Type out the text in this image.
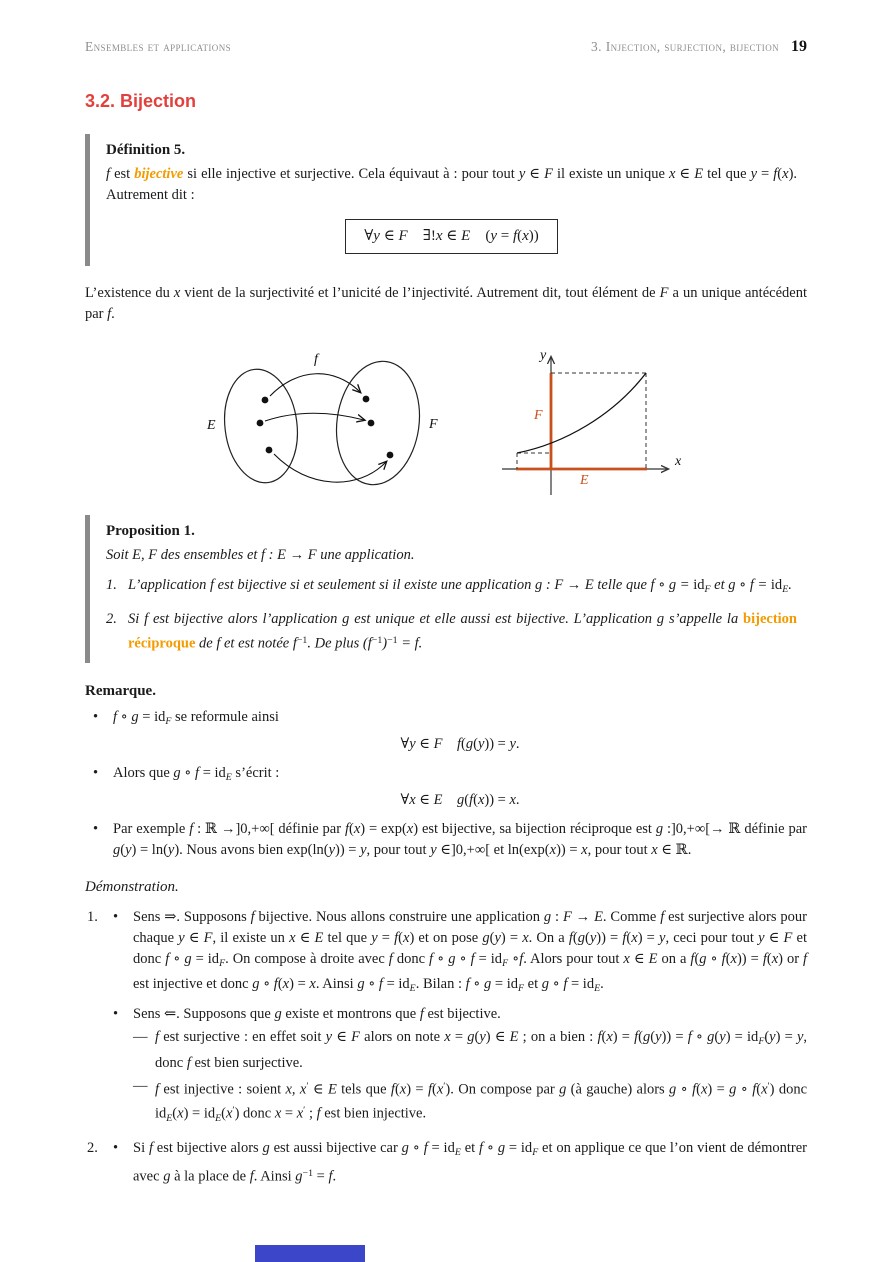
Ensembles et applications	3. Injection, surjection, bijection 19
3.2. Bijection
Définition 5.
f est bijective si elle injective et surjective. Cela équivaut à : pour tout y ∈ F il existe un unique x ∈ E tel que y = f(x). Autrement dit :
∀y ∈ F ∃!x ∈ E (y = f(x))
L’existence du x vient de la surjectivité et l’unicité de l’injectivité. Autrement dit, tout élément de F a un unique antécédent par f.
f
E	F
y
x
F
E
Proposition 1.
Soit E, F des ensembles et f : E → F une application.
1. L’application f est bijective si et seulement si il existe une application g : F → E telle que f ∘ $g = id_F$ et g ∘ $f = id_E$.
2. Si f est bijective alors l’application g est unique et elle aussi est bijective. L’application g s’appelle la bijection réciproque de f et est notée $f^{-1}$. De plus $(f^{-1})^{-1} = f$.
Remarque.
•	f ∘ $g = id_F$ se reformule ainsi
∀y ∈ F  f(g(y)) = y.
•	Alors que g ∘ $f = id_E$ s’écrit :
∀x ∈ E  g(f(x)) = x.
•	Par exemple f : ℝ →]0,+∞[ définie par f(x) = exp(x) est bijective, sa bijection réciproque est g :]0,+∞[→ ℝ définie par g(y) = ln(y). Nous avons bien exp(ln(y)) = y, pour tout y ∈]0,+∞[ et ln(exp(x)) = x, pour tout x ∈ ℝ.
Démonstration.
1.	•	Sens ⇒. Supposons f bijective. Nous allons construire une application g : F → E. Comme f est surjective alors pour chaque y ∈ F, il existe un x ∈ E tel que y = f(x) et on pose g(y) = x. On a f(g(y)) = f(x) = y, ceci pour tout y ∈ F et donc f ∘ $g = id_F$. On compose à droite avec f donc f ∘ g ∘ $f = id_F$ ∘f. Alors pour tout x ∈ E on a f(g ∘ f(x)) = f(x) or f est injective et donc g ∘ f(x) = x. Ainsi g ∘ $f = id_E$. Bilan : f ∘ $g = id_F$ et g ∘ $f = id_E$.
•	Sens ⇐. Supposons que g existe et montrons que f est bijective.
— f est surjective : en effet soit y ∈ F alors on note x = g(y) ∈ E ; on a bien : f(x) = f(g(y)) = f ∘ $g(y) = id_F(y) = y$, donc f est bien surjective.
— f est injective : soient x, x′ ∈ E tels que f(x) = f(x′). On compose par g (à gauche) alors g ∘ f(x) = g ∘ f(x′) donc $id_E(x) = id_E(x')$ donc x = x′ ; f est bien injective.
2.	•	Si f est bijective alors g est aussi bijective car g ∘ $f = id_E$ et f ∘ $g = id_F$ et on applique ce que l’on vient de démontrer avec g à la place de f. Ainsi $g^{-1} = f$.
